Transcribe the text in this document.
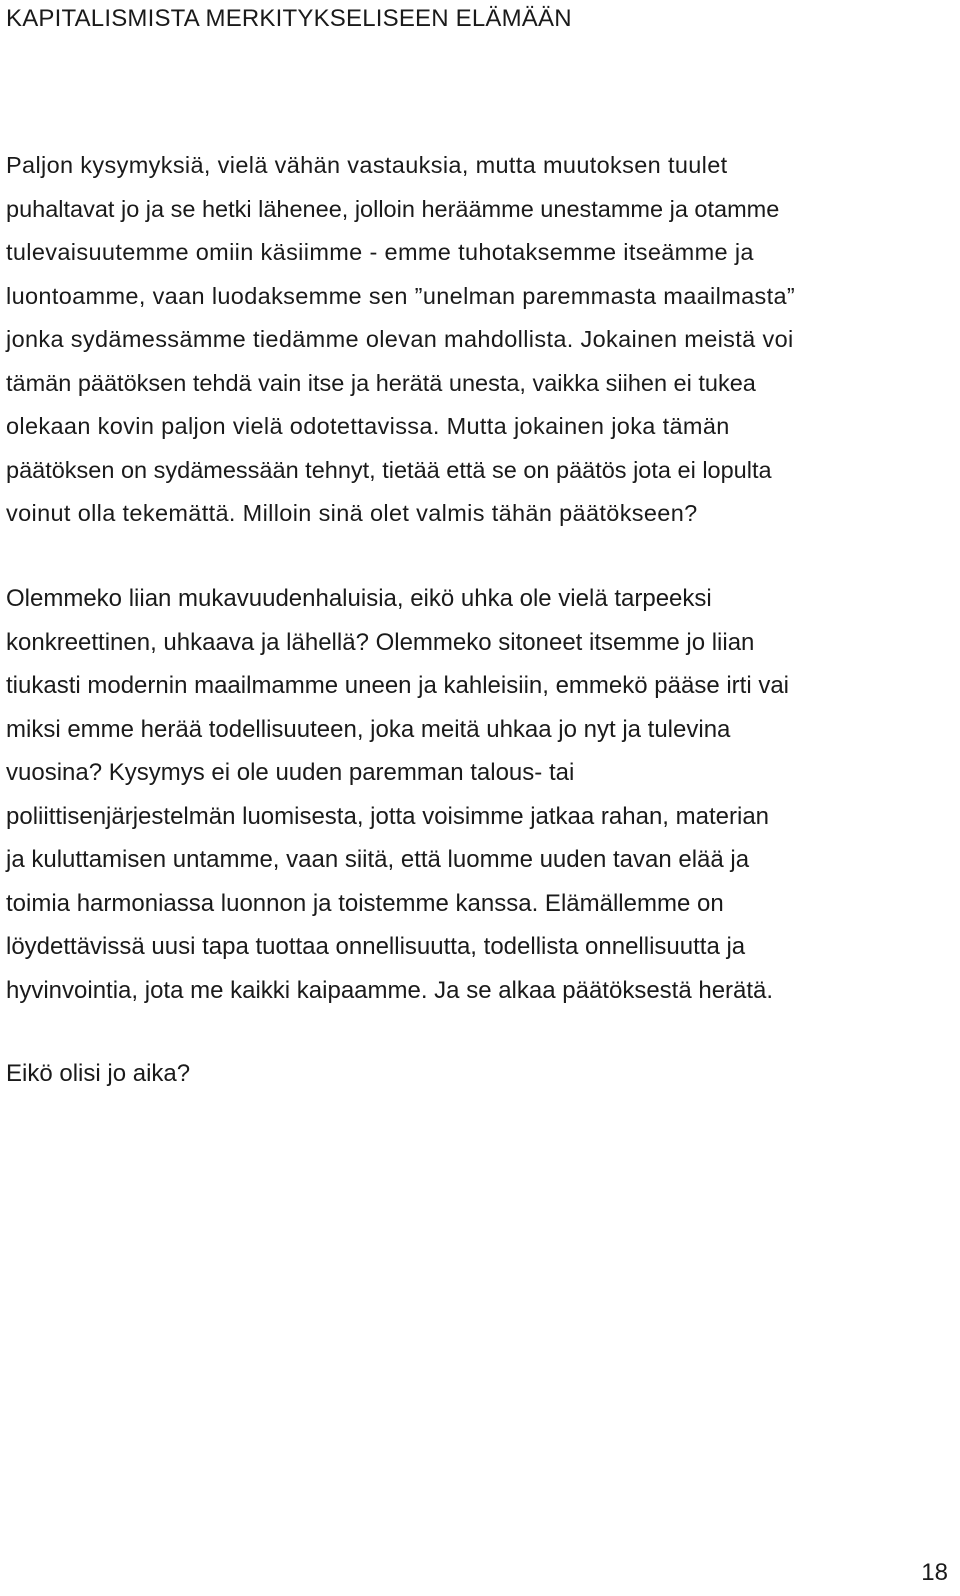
KAPITALISMISTA MERKITYKSELISEEN ELÄMÄÄN
Paljon kysymyksiä, vielä vähän vastauksia, mutta muutoksen tuulet
puhaltavat jo ja se hetki lähenee, jolloin heräämme unestamme ja otamme
tulevaisuutemme omiin käsiimme - emme tuhotaksemme itseämme ja
luontoamme, vaan luodaksemme sen ”unelman paremmasta maailmasta”
jonka sydämessämme tiedämme olevan mahdollista. Jokainen meistä voi
tämän päätöksen tehdä vain itse ja herätä unesta, vaikka siihen ei tukea
olekaan kovin paljon vielä odotettavissa. Mutta jokainen joka tämän
päätöksen on sydämessään tehnyt, tietää että se on päätös jota ei lopulta
voinut olla tekemättä. Milloin sinä olet valmis tähän päätökseen?
Olemmeko liian mukavuudenhaluisia, eikö uhka ole vielä tarpeeksi
konkreettinen, uhkaava ja lähellä? Olemmeko sitoneet itsemme jo liian
tiukasti modernin maailmamme uneen ja kahleisiin, emmekö pääse irti vai
miksi emme herää todellisuuteen, joka meitä uhkaa jo nyt ja tulevina
vuosina? Kysymys ei ole uuden paremman talous- tai
poliittisenjärjestelmän luomisesta, jotta voisimme jatkaa rahan, materian
ja kuluttamisen untamme, vaan siitä, että luomme uuden tavan elää ja
toimia harmoniassa luonnon ja toistemme kanssa. Elämällemme on
löydettävissä uusi tapa tuottaa onnellisuutta, todellista onnellisuutta ja
hyvinvointia, jota me kaikki kaipaamme. Ja se alkaa päätöksestä herätä.
Eikö olisi jo aika?
18
